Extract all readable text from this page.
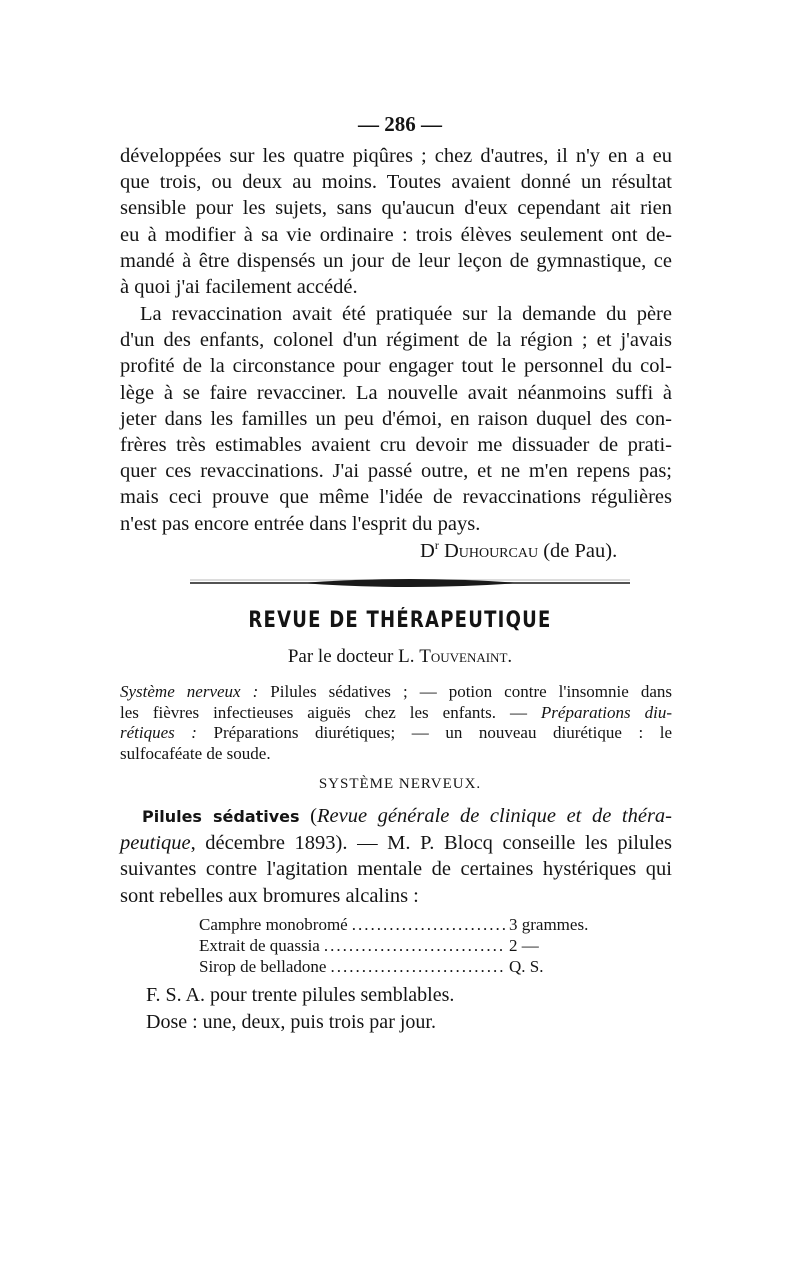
— 286 —
développées sur les quatre piqûres ; chez d'autres, il n'y en a eu
que trois, ou deux au moins. Toutes avaient donné un résultat
sensible pour les sujets, sans qu'aucun d'eux cependant ait rien
eu à modifier à sa vie ordinaire : trois élèves seulement ont de-
mandé à être dispensés un jour de leur leçon de gymnastique, ce
à quoi j'ai facilement accédé.
La revaccination avait été pratiquée sur la demande du père
d'un des enfants, colonel d'un régiment de la région ; et j'avais
profité de la circonstance pour engager tout le personnel du col-
lège à se faire revacciner. La nouvelle avait néanmoins suffi à
jeter dans les familles un peu d'émoi, en raison duquel des con-
frères très estimables avaient cru devoir me dissuader de prati-
quer ces revaccinations. J'ai passé outre, et ne m'en repens pas;
mais ceci prouve que même l'idée de revaccinations régulières
n'est pas encore entrée dans l'esprit du pays.
$D^r$ Duhourcau (de Pau).
REVUE DE THÉRAPEUTIQUE
Par le docteur L. Touvenaint.
Système nerveux : Pilules sédatives ; — potion contre l'insomnie dans
les fièvres infectieuses aiguës chez les enfants. — Préparations diu-
rétiques : Préparations diurétiques; — un nouveau diurétique : le
sulfocaféate de soude.
SYSTÈME NERVEUX.
Pilules sédatives (Revue générale de clinique et de théra-
peutique, décembre 1893). — M. P. Blocq conseille les pilules
suivantes contre l'agitation mentale de certaines hystériques qui
sont rebelles aux bromures alcalins :
Camphre monobromé .....	3 grammes.
Extrait de quassia .....	2 —
Sirop de belladone .....	Q. S.
F. S. A. pour trente pilules semblables.
Dose : une, deux, puis trois par jour.
